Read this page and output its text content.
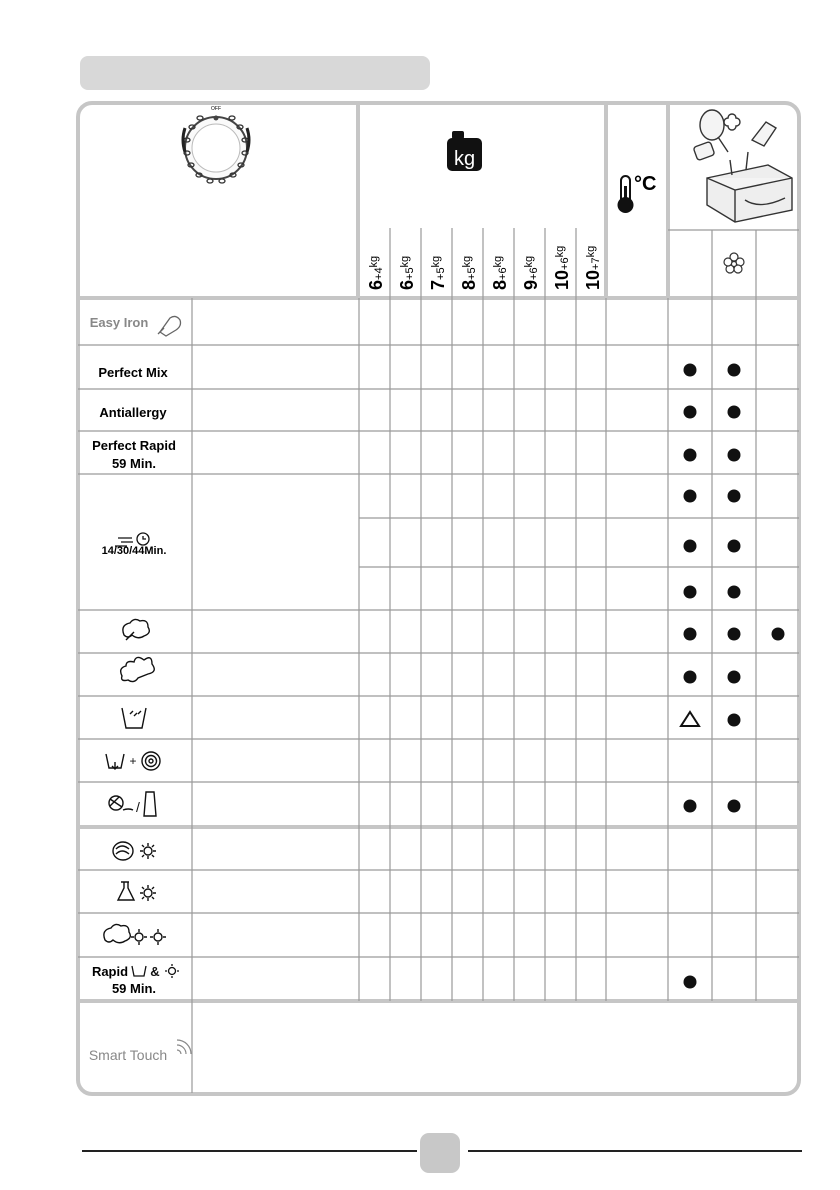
OFF
kg
°C
$6+4^{kg}$
$6+5^{kg}$
$7+5^{kg}$
$8+5^{kg}$
$8+6^{kg}$
$9+6^{kg}$
$10+6^{kg}$
$10+7^{kg}$
Easy Iron
Perfect Mix
Antiallergy
Perfect Rapid
59 Min.
14/30/44Min.
+
/
Rapid &
59 Min.
Smart Touch
